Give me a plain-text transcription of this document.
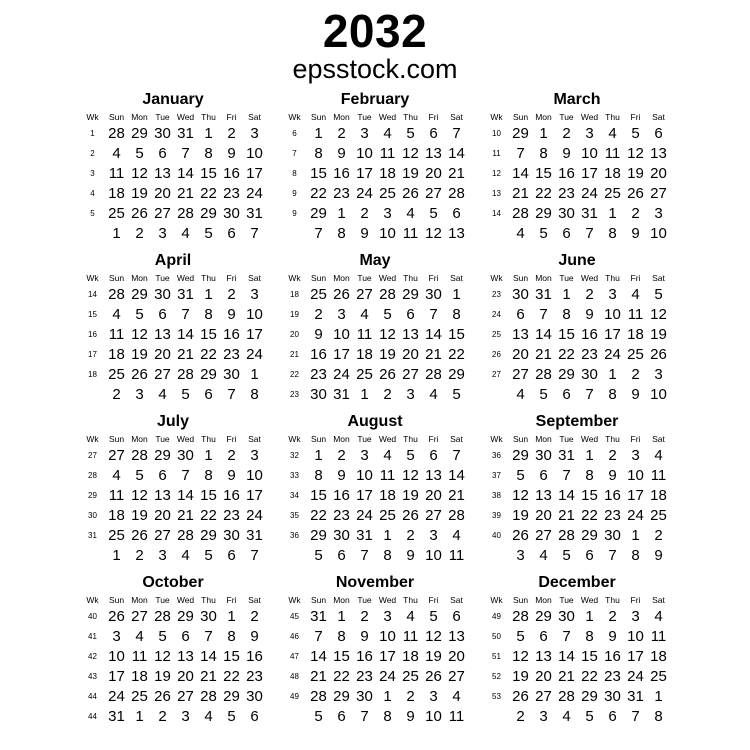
2032
epsstock.com
January
Wk	Sun	Mon	Tue	Wed	Thu	Fri	Sat
1	28	29	30	31	1	2	3
2	4	5	6	7	8	9	10
3	11	12	13	14	15	16	17
4	18	19	20	21	22	23	24
5	25	26	27	28	29	30	31
	1	2	3	4	5	6	7
February
Wk	Sun	Mon	Tue	Wed	Thu	Fri	Sat
6	1	2	3	4	5	6	7
7	8	9	10	11	12	13	14
8	15	16	17	18	19	20	21
9	22	23	24	25	26	27	28
9	29	1	2	3	4	5	6
	7	8	9	10	11	12	13
March
Wk	Sun	Mon	Tue	Wed	Thu	Fri	Sat
10	29	1	2	3	4	5	6
11	7	8	9	10	11	12	13
12	14	15	16	17	18	19	20
13	21	22	23	24	25	26	27
14	28	29	30	31	1	2	3
	4	5	6	7	8	9	10
April
Wk	Sun	Mon	Tue	Wed	Thu	Fri	Sat
14	28	29	30	31	1	2	3
15	4	5	6	7	8	9	10
16	11	12	13	14	15	16	17
17	18	19	20	21	22	23	24
18	25	26	27	28	29	30	1
	2	3	4	5	6	7	8
May
Wk	Sun	Mon	Tue	Wed	Thu	Fri	Sat
18	25	26	27	28	29	30	1
19	2	3	4	5	6	7	8
20	9	10	11	12	13	14	15
21	16	17	18	19	20	21	22
22	23	24	25	26	27	28	29
23	30	31	1	2	3	4	5
June
Wk	Sun	Mon	Tue	Wed	Thu	Fri	Sat
23	30	31	1	2	3	4	5
24	6	7	8	9	10	11	12
25	13	14	15	16	17	18	19
26	20	21	22	23	24	25	26
27	27	28	29	30	1	2	3
	4	5	6	7	8	9	10
July
Wk	Sun	Mon	Tue	Wed	Thu	Fri	Sat
27	27	28	29	30	1	2	3
28	4	5	6	7	8	9	10
29	11	12	13	14	15	16	17
30	18	19	20	21	22	23	24
31	25	26	27	28	29	30	31
	1	2	3	4	5	6	7
August
Wk	Sun	Mon	Tue	Wed	Thu	Fri	Sat
32	1	2	3	4	5	6	7
33	8	9	10	11	12	13	14
34	15	16	17	18	19	20	21
35	22	23	24	25	26	27	28
36	29	30	31	1	2	3	4
	5	6	7	8	9	10	11
September
Wk	Sun	Mon	Tue	Wed	Thu	Fri	Sat
36	29	30	31	1	2	3	4
37	5	6	7	8	9	10	11
38	12	13	14	15	16	17	18
39	19	20	21	22	23	24	25
40	26	27	28	29	30	1	2
	3	4	5	6	7	8	9
October
Wk	Sun	Mon	Tue	Wed	Thu	Fri	Sat
40	26	27	28	29	30	1	2
41	3	4	5	6	7	8	9
42	10	11	12	13	14	15	16
43	17	18	19	20	21	22	23
44	24	25	26	27	28	29	30
44	31	1	2	3	4	5	6
November
Wk	Sun	Mon	Tue	Wed	Thu	Fri	Sat
45	31	1	2	3	4	5	6
46	7	8	9	10	11	12	13
47	14	15	16	17	18	19	20
48	21	22	23	24	25	26	27
49	28	29	30	1	2	3	4
	5	6	7	8	9	10	11
December
Wk	Sun	Mon	Tue	Wed	Thu	Fri	Sat
49	28	29	30	1	2	3	4
50	5	6	7	8	9	10	11
51	12	13	14	15	16	17	18
52	19	20	21	22	23	24	25
53	26	27	28	29	30	31	1
	2	3	4	5	6	7	8
